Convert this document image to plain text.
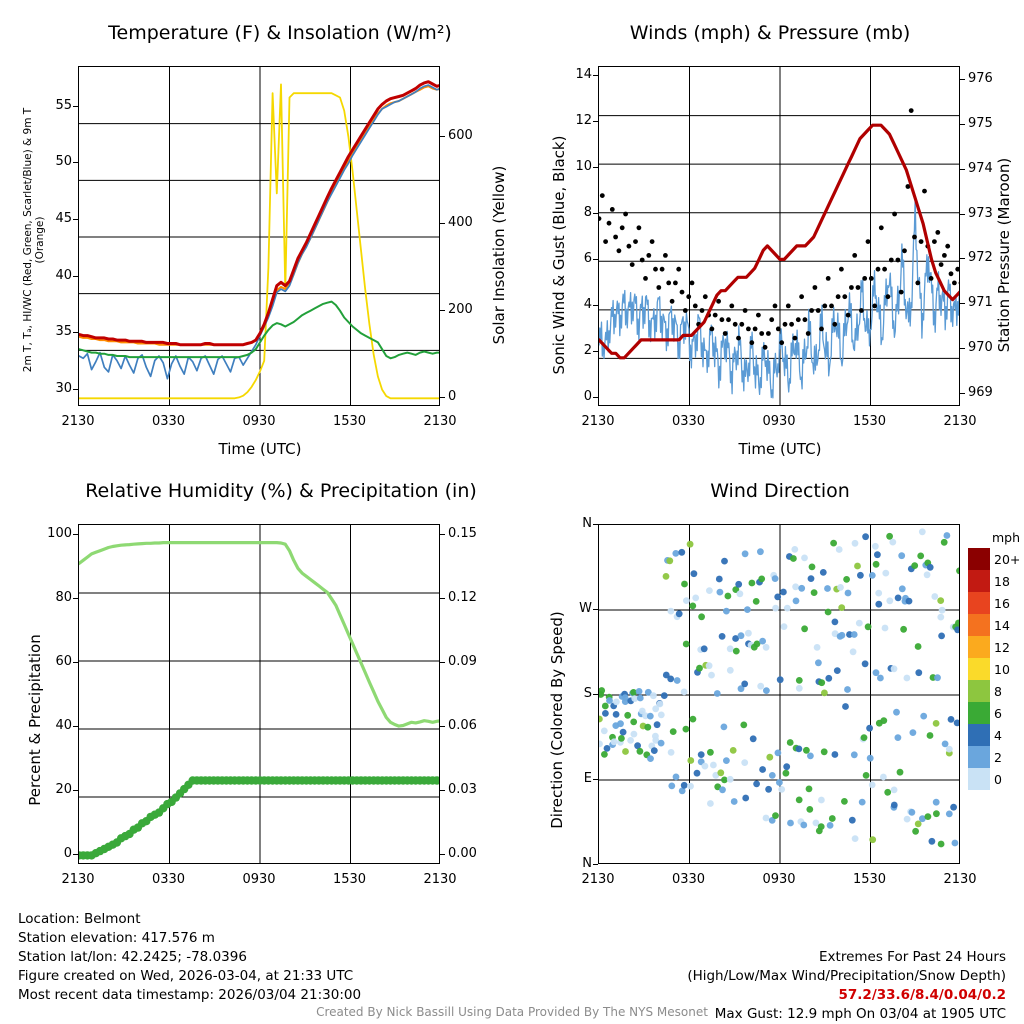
Temperature (F) & Insolation (W/m²)
2m T, Tₐ, HI/WC (Red, Green, Scarlet/Blue) & 9m T (Orange)	Solar Insolation (Yellow)
Time (UTC)
2130	0330	0930	1530	2130
30
35
40
45
50
55
0
200
400
600
Winds (mph) & Pressure (mb)
Sonic Wind & Gust (Blue, Black)	Station Pressure (Maroon)
Time (UTC)
2130	0330	0930	1530	2130
0
2
4
6
8
10
12
14
969
970
971
972
973
974
975
976
Relative Humidity (%) & Precipitation (in)
Percent & Precipitation
2130	0330	0930	1530	2130
0
20
40
60
80
100
0.00
0.03
0.06
0.09
0.12
0.15
Wind Direction
Direction (Colored By Speed)
N
W
S
E
N
2130	0330	0930	1530	2130
mph
20+
18
16
14
12
10
8
6
4
2
0
Location: Belmont
Station elevation: 417.576 m
Station lat/lon: 42.2425; -78.0396
Figure created on Wed, 2026-03-04, at 21:33 UTC
Most recent data timestamp: 2026/03/04 21:30:00
Extremes For Past 24 Hours
(High/Low/Max Wind/Precipitation/Snow Depth)
57.2/33.6/8.4/0.04/0.2
Max Gust: 12.9 mph On 03/04 at 1905 UTC
Created By Nick Bassill Using Data Provided By The NYS Mesonet
